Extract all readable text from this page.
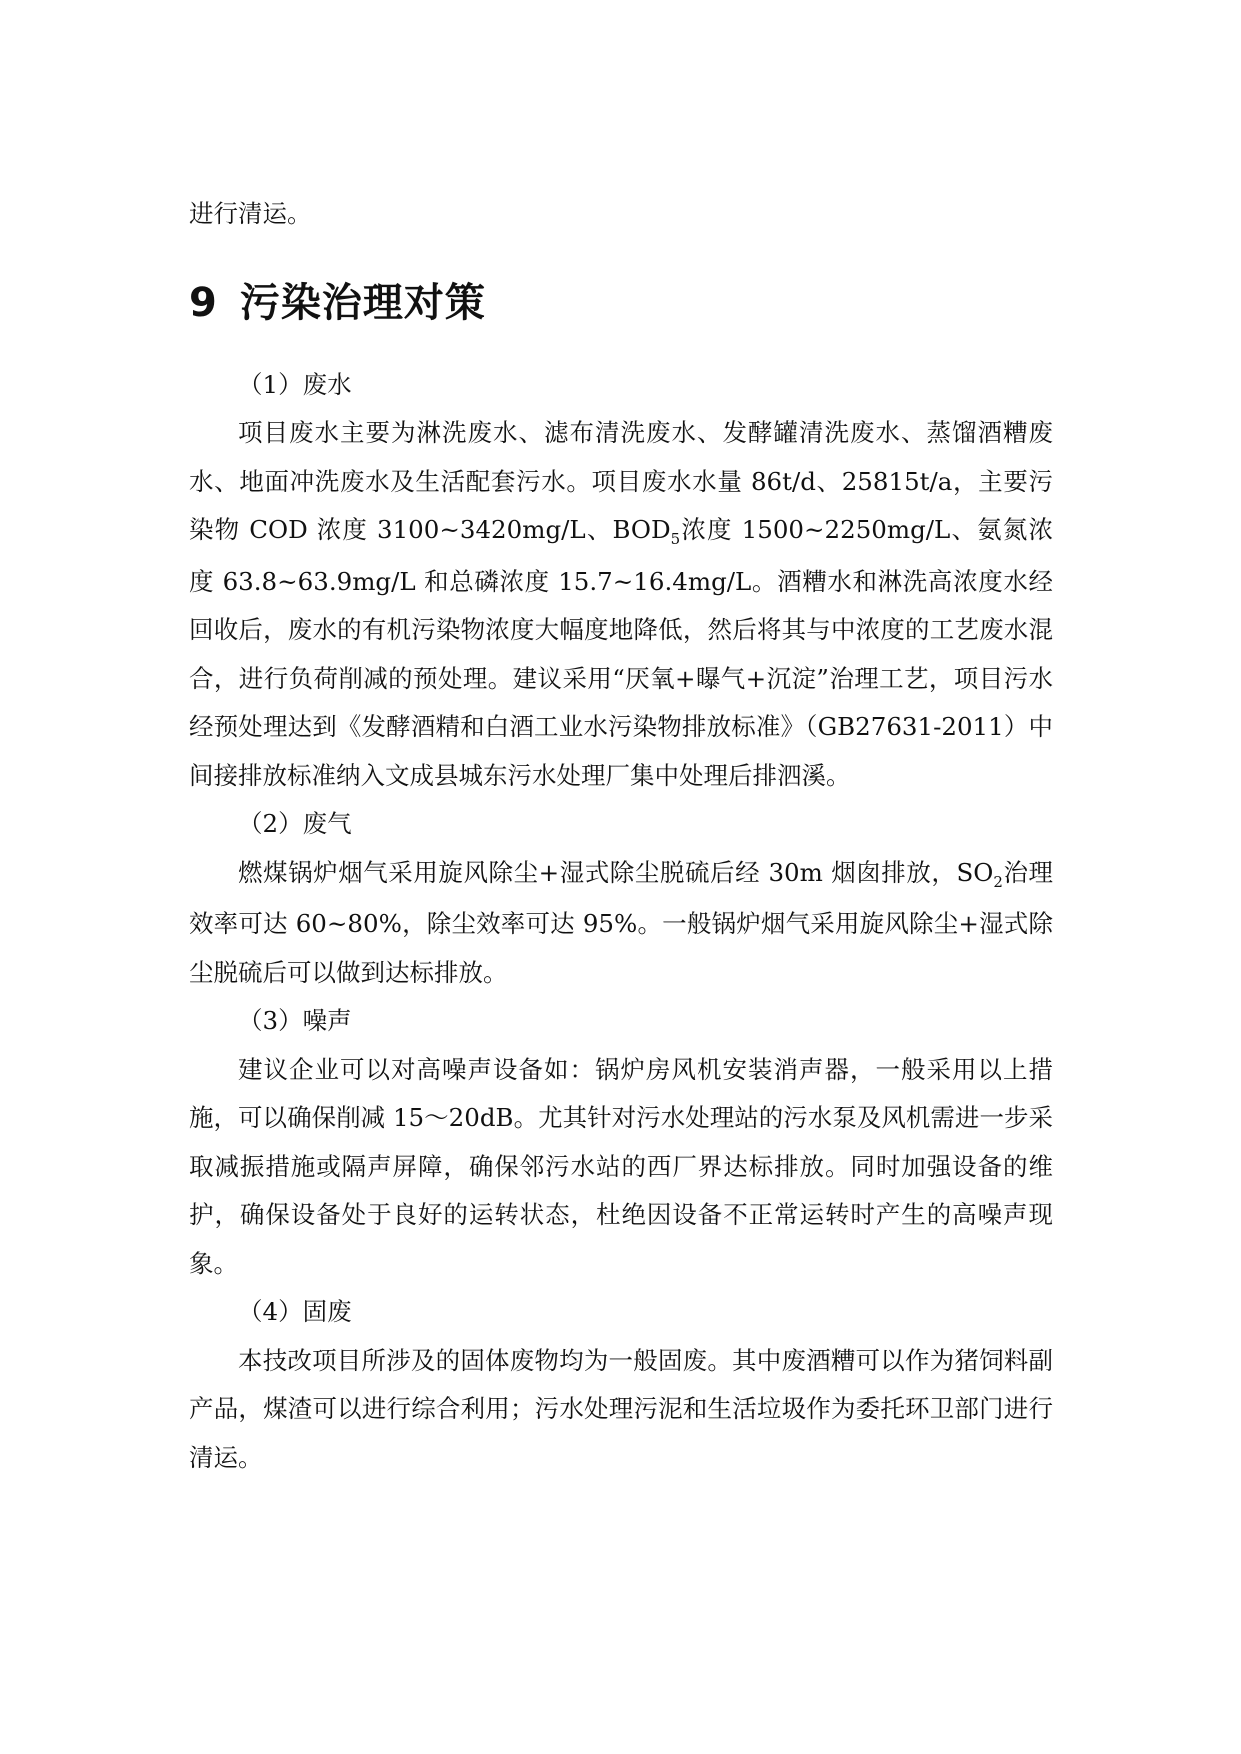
进行清运。

9 污染治理对策

（1）废水

项目废水主要为淋洗废水、滤布清洗废水、发酵罐清洗废水、蒸馏酒糟废水、地面冲洗废水及生活配套污水。项目废水水量 86t/d、25815t/a，主要污染物 COD 浓度 3100~3420mg/L、$BOD_5$浓度 1500~2250mg/L、氨氮浓度 63.8~63.9mg/L 和总磷浓度 15.7~16.4mg/L。酒糟水和淋洗高浓度水经回收后，废水的有机污染物浓度大幅度地降低，然后将其与中浓度的工艺废水混合，进行负荷削减的预处理。建议采用“厌氧+曝气+沉淀”治理工艺，项目污水经预处理达到《发酵酒精和白酒工业水污染物排放标准》（GB27631-2011）中间接排放标准纳入文成县城东污水处理厂集中处理后排泗溪。

（2）废气

燃煤锅炉烟气采用旋风除尘+湿式除尘脱硫后经 30m 烟囱排放，$SO_2$治理效率可达 60~80%，除尘效率可达 95%。一般锅炉烟气采用旋风除尘+湿式除尘脱硫后可以做到达标排放。

（3）噪声

建议企业可以对高噪声设备如：锅炉房风机安装消声器，一般采用以上措施，可以确保削减 15～20dB。尤其针对污水处理站的污水泵及风机需进一步采取减振措施或隔声屏障，确保邻污水站的西厂界达标排放。同时加强设备的维护，确保设备处于良好的运转状态，杜绝因设备不正常运转时产生的高噪声现象。

（4）固废

本技改项目所涉及的固体废物均为一般固废。其中废酒糟可以作为猪饲料副产品，煤渣可以进行综合利用；污水处理污泥和生活垃圾作为委托环卫部门进行清运。
